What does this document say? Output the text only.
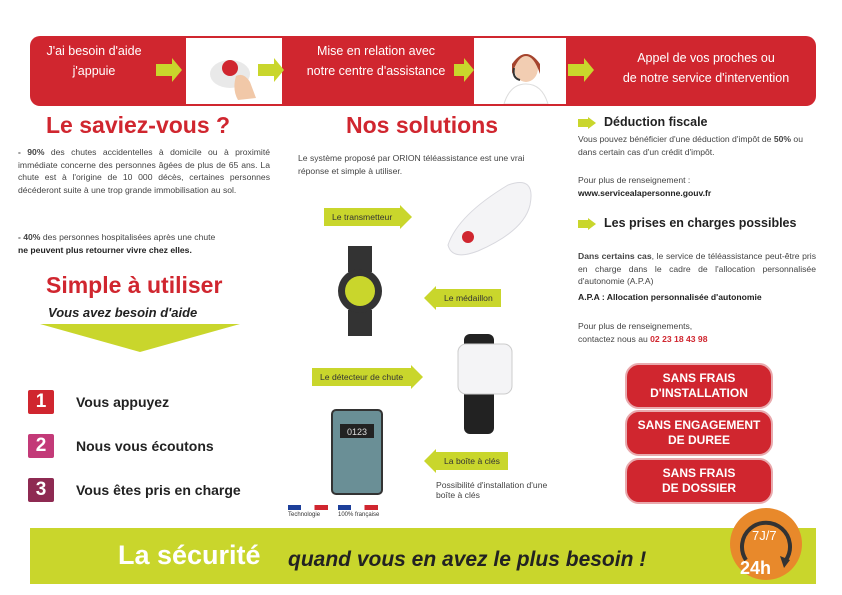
J'ai besoin d'aide
j'appuie
Mise en relation avec
notre centre d'assistance
Appel de vos proches ou
de notre service d'intervention
Le saviez-vous ?
- 90% des chutes accidentelles à domicile ou à proximité immédiate concerne des personnes âgées de plus de 65 ans. La chute est à l'origine de 10 000 décès, certaines personnes décéderont suite à une trop grande immobilisation au sol.
- 40% des personnes hospitalisées après une chute
ne peuvent plus retourner vivre chez elles.
Simple à utiliser
Vous avez besoin d'aide
1	Vous appuyez
2	Nous vous écoutons
3	Vous êtes pris en charge
Nos solutions
Le système proposé par ORION téléassistance est une vrai réponse et simple à utiliser.
Le transmetteur
Le médaillon
Le détecteur de chute
0123
La boîte à clés
Possibilité d'installation d'une boîte à clés
Technologie	100% française
Déduction fiscale
Vous pouvez bénéficier d'une déduction d'impôt de 50% ou dans certain cas d'un crédit d'impôt.
Pour plus de renseignement :
www.servicealapersonne.gouv.fr
Les prises en charges possibles
Dans certains cas, le service de téléassistance peut-être pris en charge dans le cadre de l'allocation personnalisée d'autonomie (A.P.A)
A.P.A : Allocation personnalisée d'autonomie
Pour plus de renseignements,
contactez nous au 02 23 18 43 98
SANS FRAIS
D'INSTALLATION
SANS ENGAGEMENT
DE DUREE
SANS FRAIS
DE DOSSIER
La sécurité quand vous en avez le plus besoin !
7J/7
24h
